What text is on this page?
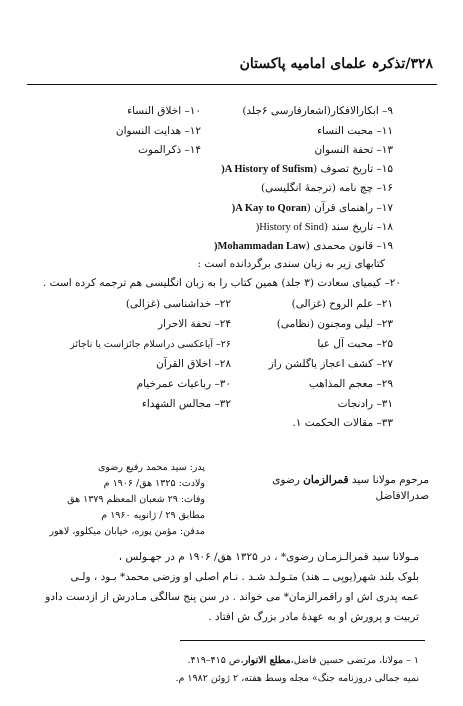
۳۲۸/تذکرہ علمای امامیه پاکستان
۹– ابکارالافکار(اشعارفارسی ۶جلد)
۱۰– اخلاق النساء
۱۱– محبت النساء
۱۲– هدایت النسوان
۱۳– تحفة النسوان
۱۴– ذکرالموت
۱۵– تاریخ تصوف (A History of Sufism)
۱۶– چچ نامه (ترجمۀ انگلیسی)
۱۷– راهنمای قرآن (A Kay to Qoran)
۱۸– تاریخ سند (History of Sind)
۱۹– قانون محمدی (Mohammadan Law)
کتابهای زیر به زبان سندی برگردانده است :
۲۰– کیمیای سعادت (۳ جلد) همین کتاب را به زبان انگلیسی هم ترجمه کرده است .
۲۱– علم الروح (غزالی)
۲۲– خداشناسی (غزالی)
۲۳– لیلی ومجنون (نظامی)
۲۴– تحفة الاحرار
۲۵– محبت آل عبا
۲۶– آیاعکسی دراسلام جائزاست یا ناجائز
۲۷– کشف اعجاز یاگلشن راز
۲۸– اخلاق القرآن
۲۹– معجم المذاهب
۳۰– رباعیات عمرخیام
۳۱– رادنجات
۳۲– مجالس الشهداء
۳۳– مقالات الحکمت ۱.
مرحوم مولانا سید قمرالزمان رضوی
صدرالافاضل
پدر: سید محمد رفیع رضوی
ولادت: ۱۳۲۵ ه‍ق/ ۱۹۰۶ م
وفات: ۲۹ شعبان المعظم ۱۳۷۹ ه‍ق
مطابق ۲۹ / ژانویه ۱۹۶۰ م
مدفن: مؤمن پوره، خیابان میکلوو، لاهور
مـولانا سید قمرالـزمـان رضوی* ، در ۱۳۲۵ ه‍ق/ ۱۹۰۶ م در جهـولس ،
بلوک بلند شهر(یوپی ــ هند) متـولـد شـد . نـام اصلی او وزضی محمد* بـود ، ولـی
عمه پدری اش او راقمرالزمان* می خواند . در سن پنج سالگی مـادرش از ازدست دادو
تربیت و پرورش او به عهدۀ مادر بزرگ ش افتاد .
۱ – مولانا، مرتضی حسین فاضل،مطلع الانوار،ص ۴۱۵–۴۱۹.
نمیه جمالی دروزنامه جنگ» مجله وسط هفته، ۲ ژوئن ۱۹۸۲ م.
